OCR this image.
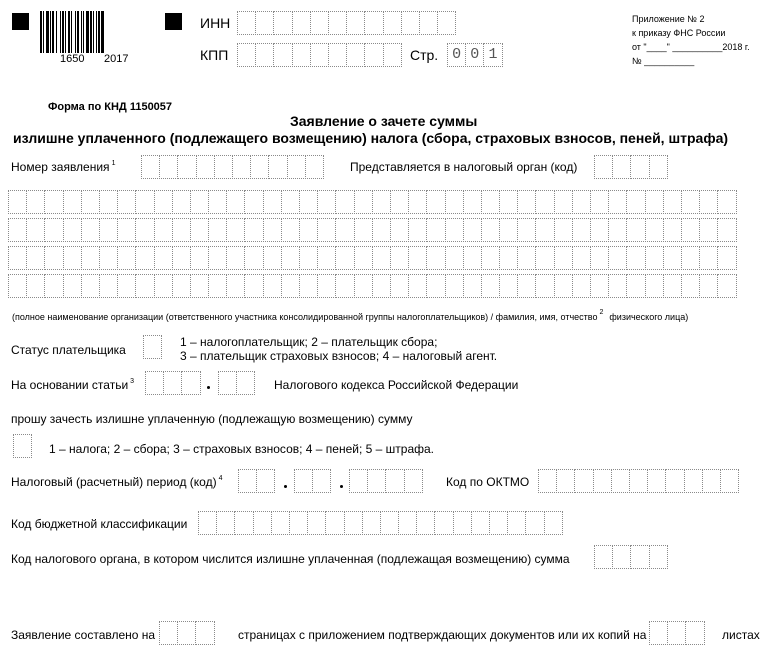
1650 2017
ИНН
КПП	Стр. 0 0 1
Приложение № 2
к приказу ФНС России
от "____" __________2018 г.
№ __________
Форма по КНД 1150057
Заявление о зачете суммы
излишне уплаченного (подлежащего возмещению) налога (сбора, страховых взносов, пеней, штрафа)
Номер заявления $^1$	Представляется в налоговый орган (код)
(полное наименование организации (ответственного участника консолидированной группы налогоплательщиков) / фамилия, имя, отчество $^2$ физического лица)
Статус плательщика
1 – налогоплательщик; 2 – плательщик сбора;
3 – плательщик страховых взносов; 4 – налоговый агент.
На основании статьи $^3$	Налогового кодекса Российской Федерации
прошу зачесть излишне уплаченную (подлежащую возмещению) сумму
1 – налога; 2 – сбора; 3 – страховых взносов; 4 – пеней; 5 – штрафа.
Налоговый (расчетный) период (код) $^4$	Код по ОКТМО
Код бюджетной классификации
Код налогового органа, в котором числится излишне уплаченная (подлежащая возмещению) сумма
Заявление составлено на	страницах с приложением подтверждающих документов или их копий на	листах
